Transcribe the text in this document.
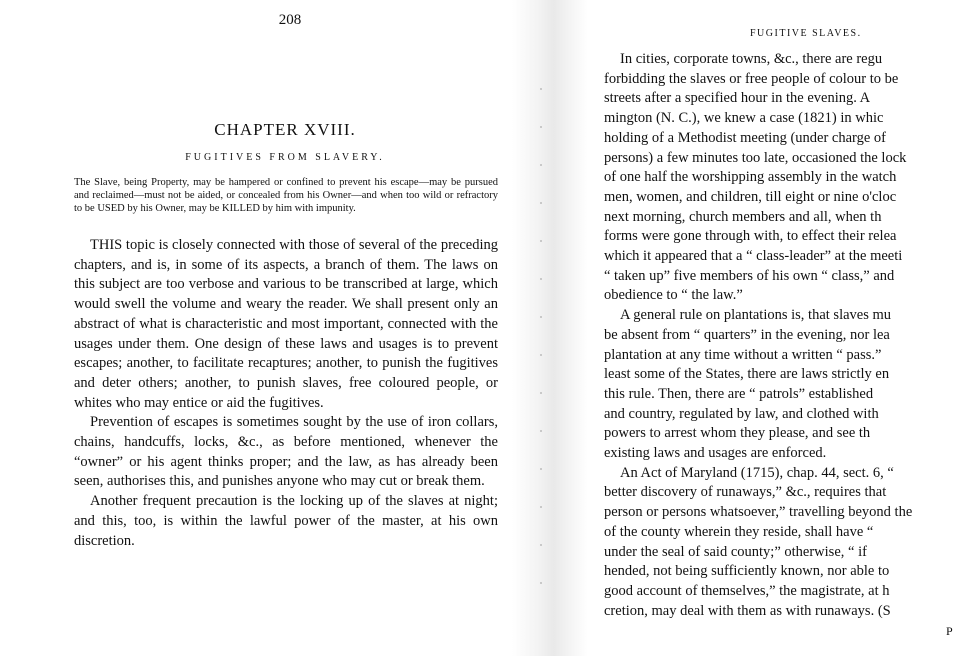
208
CHAPTER XVIII.
FUGITIVES FROM SLAVERY.
The Slave, being Property, may be hampered or confined to prevent his escape—may be pursued and reclaimed—must not be aided, or concealed from his Owner—and when too wild or refractory to be USED by his Owner, may be KILLED by him with impunity.

THIS topic is closely connected with those of several of the preceding chapters, and is, in some of its aspects, a branch of them. The laws on this subject are too verbose and various to be transcribed at large, which would swell the volume and weary the reader. We shall present only an abstract of what is characteristic and most important, connected with the usages under them. One design of these laws and usages is to prevent escapes; another, to facilitate recaptures; another, to punish the fugitives and deter others; another, to punish slaves, free coloured people, or whites who may entice or aid the fugitives.

Prevention of escapes is sometimes sought by the use of iron collars, chains, handcuffs, locks, &c., as before mentioned, whenever the “owner” or his agent thinks proper; and the law, as has already been seen, authorises this, and punishes anyone who may cut or break them.

Another frequent precaution is the locking up of the slaves at night; and this, too, is within the lawful power of the master, at his own discretion.

FUGITIVE SLAVES.
In cities, corporate towns, &c., there are regu
forbidding the slaves or free people of colour to be
streets after a specified hour in the evening. A
mington (N. C.), we knew a case (1821) in whic
holding of a Methodist meeting (under charge of
persons) a few minutes too late, occasioned the lock
of one half the worshipping assembly in the watch
men, women, and children, till eight or nine o'cloc
next morning, church members and all, when th
forms were gone through with, to effect their relea
which it appeared that a “ class-leader” at the meeti
“ taken up” five members of his own “ class,” and
obedience to “ the law.”
A general rule on plantations is, that slaves mu
be absent from “ quarters” in the evening, nor lea
plantation at any time without a written “ pass.”
least some of the States, there are laws strictly en
this rule. Then, there are “ patrols” established
and country, regulated by law, and clothed with
powers to arrest whom they please, and see th
existing laws and usages are enforced.
An Act of Maryland (1715), chap. 44, sect. 6, “
better discovery of runaways,” &c., requires that
person or persons whatsoever,” travelling beyond the
of the county wherein they reside, shall have “
under the seal of said county;” otherwise, “ if
hended, not being sufficiently known, nor able to
good account of themselves,” the magistrate, at h
cretion, may deal with them as with runaways. (S
P
